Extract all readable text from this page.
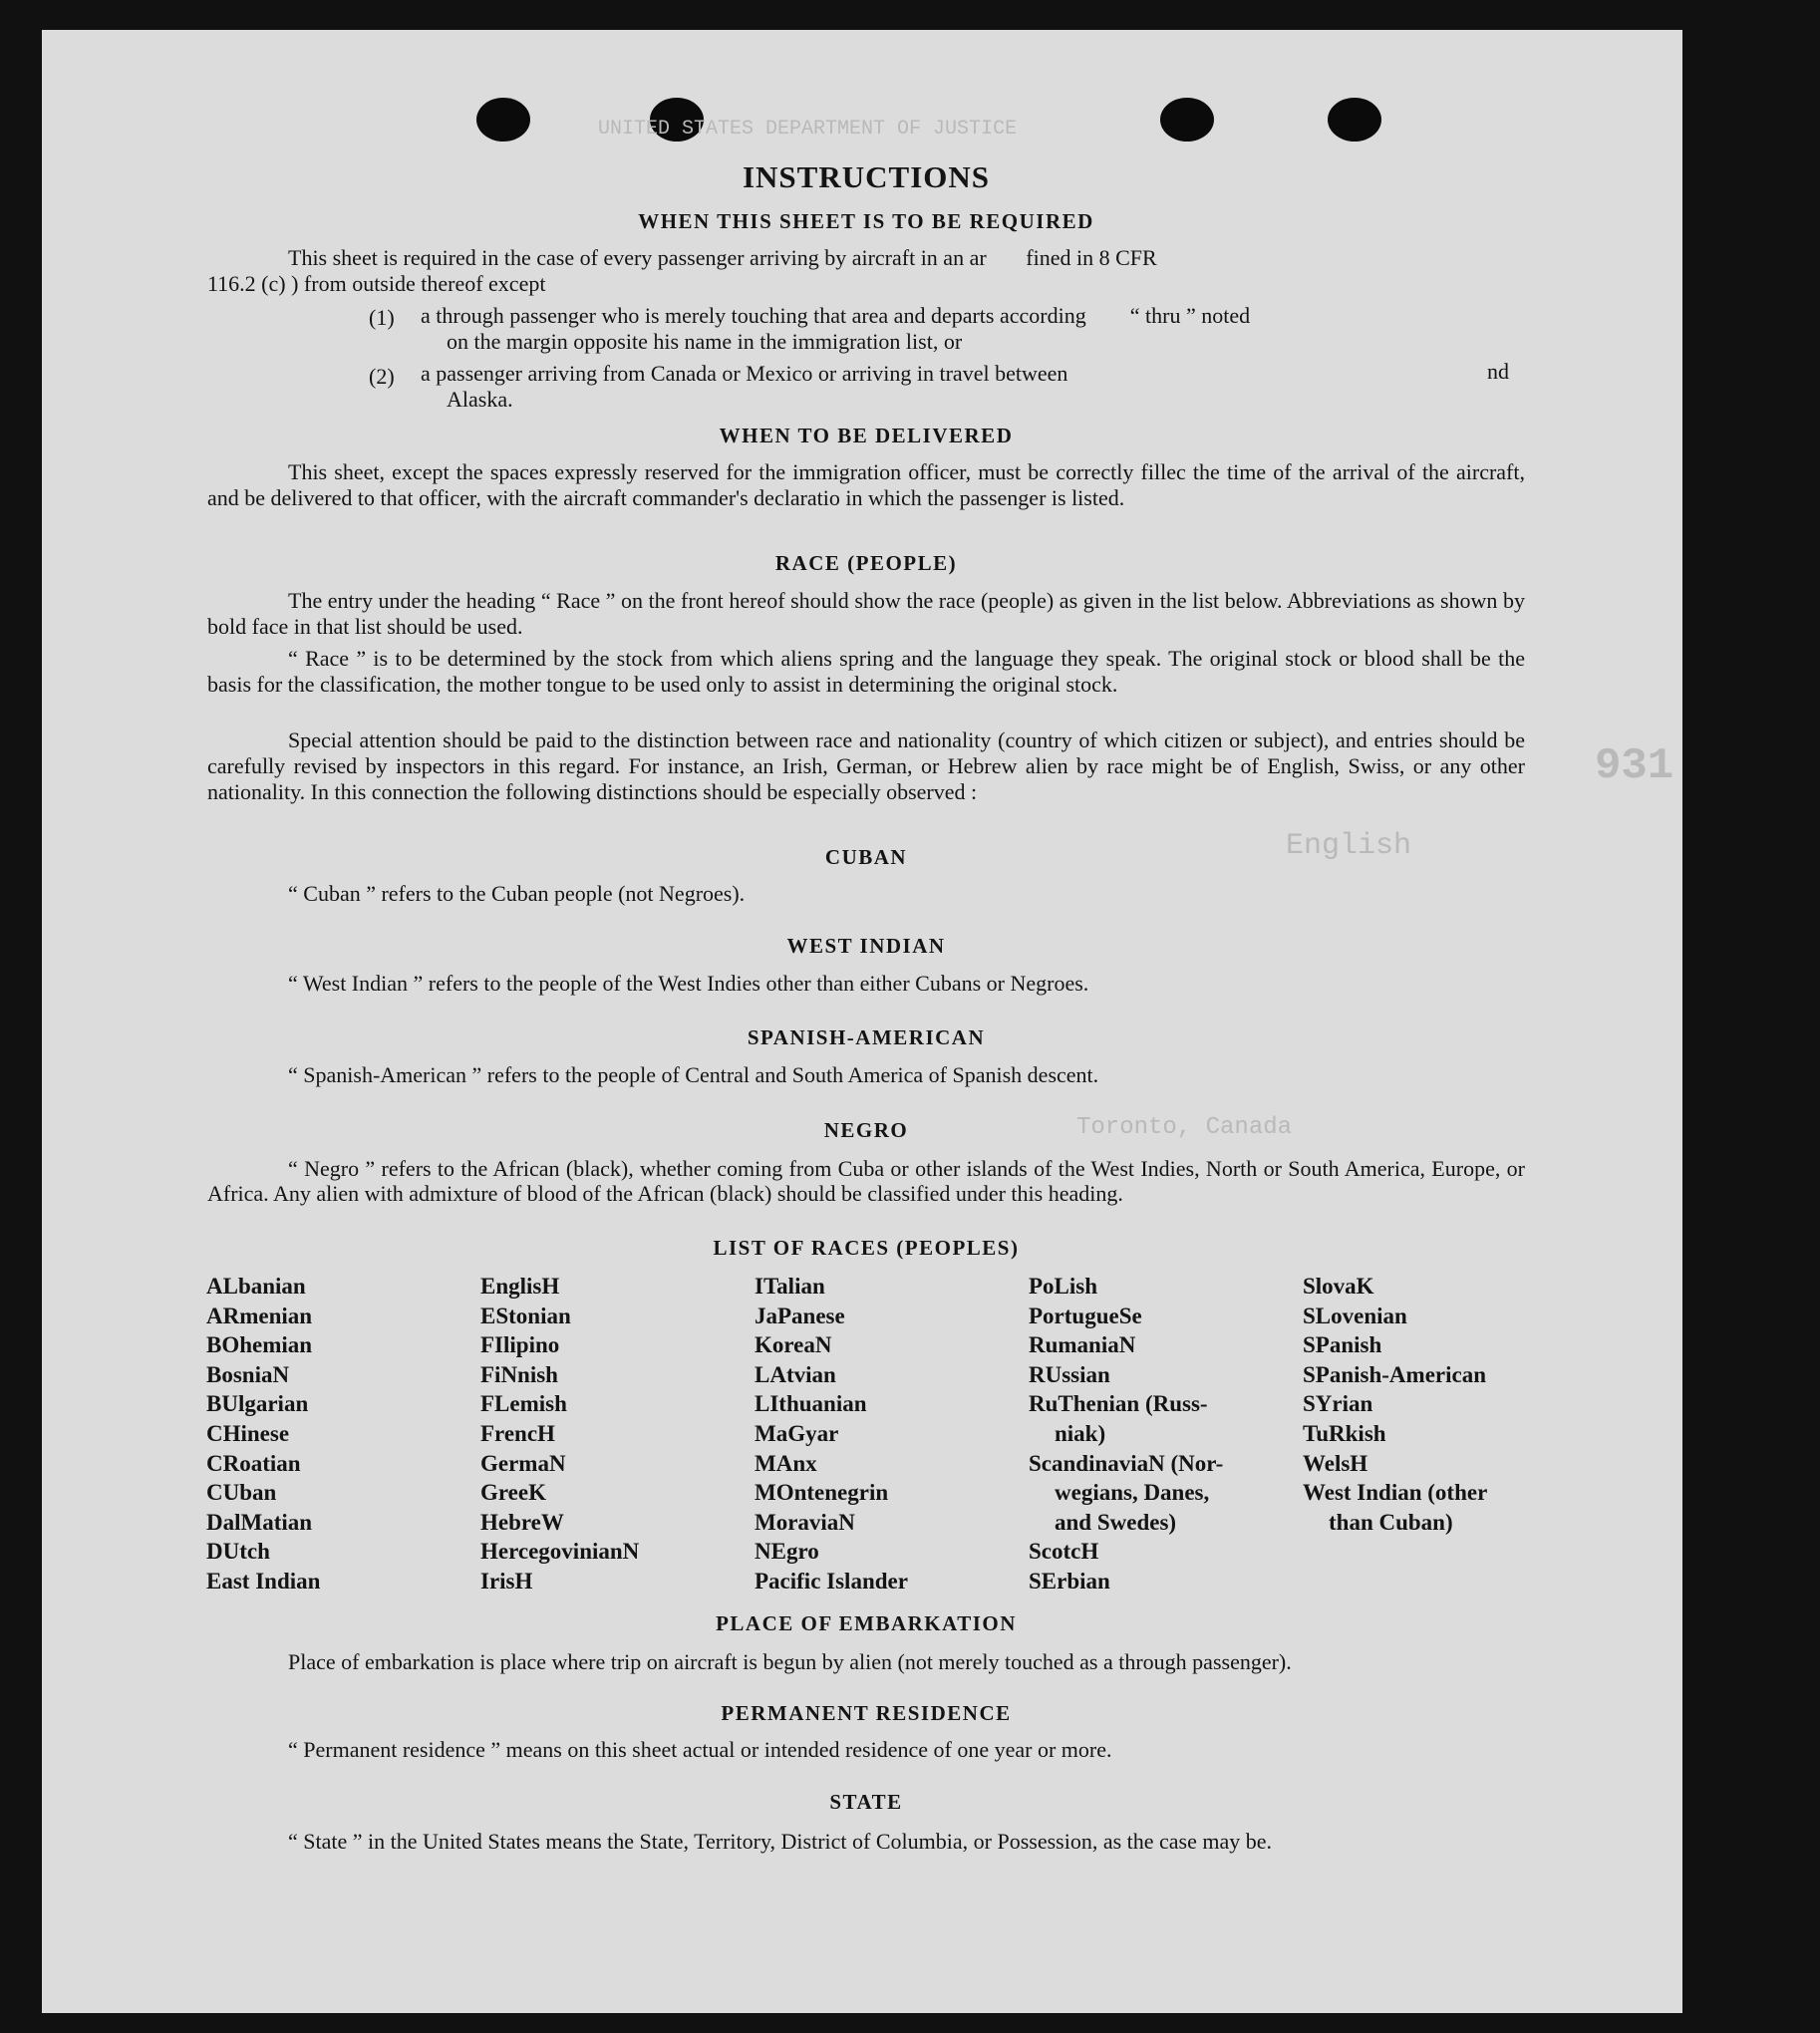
UNITED STATES DEPARTMENT OF JUSTICE
931
English
Toronto, Canada
INSTRUCTIONS
WHEN THIS SHEET IS TO BE REQUIRED
This sheet is required in the case of every passenger arriving by aircraft in an ar         fined in 8 CFR
116.2 (c) ) from outside thereof except
(1) a through passenger who is merely touching that area and departs according          “ thru ” noted
on the margin opposite his name in the immigration list, or
(2) a passenger arriving from Canada or Mexico or arriving in travel between	nd
Alaska.
WHEN TO BE DELIVERED
This sheet, except the spaces expressly reserved for the immigration officer, must be correctly fillec the time of the arrival of the aircraft, and be delivered to that officer, with the aircraft commander's declaratio in which the passenger is listed.
RACE (PEOPLE)
The entry under the heading “ Race ” on the front hereof should show the race (people) as given in the list below. Abbreviations as shown by bold face in that list should be used.
“ Race ” is to be determined by the stock from which aliens spring and the language they speak. The original stock or blood shall be the basis for the classification, the mother tongue to be used only to assist in determining the original stock.
Special attention should be paid to the distinction between race and nationality (country of which citizen or subject), and entries should be carefully revised by inspectors in this regard. For instance, an Irish, German, or Hebrew alien by race might be of English, Swiss, or any other nationality. In this connection the following distinctions should be especially observed :
CUBAN
“ Cuban ” refers to the Cuban people (not Negroes).
WEST INDIAN
“ West Indian ” refers to the people of the West Indies other than either Cubans or Negroes.
SPANISH-AMERICAN
“ Spanish-American ” refers to the people of Central and South America of Spanish descent.
NEGRO
“ Negro ” refers to the African (black), whether coming from Cuba or other islands of the West Indies, North or South America, Europe, or Africa. Any alien with admixture of blood of the African (black) should be classified under this heading.
LIST OF RACES (PEOPLES)
ALbanian
ARmenian
BOhemian
BosniaN
BUlgarian
CHinese
CRoatian
CUban
DalMatian
DUtch
East Indian
EnglisH
EStonian
FIlipino
FiNnish
FLemish
FrencH
GermaN
GreeK
HebreW
HercegovinianN
IrisH
ITalian
JaPanese
KoreaN
LAtvian
LIthuanian
MaGyar
MAnx
MOntenegrin
MoraviaN
NEgro
Pacific Islander
PoLish
PortugueSe
RumaniaN
RUssian
RuThenian (Russ-
niak)
ScandinaviaN (Nor-
wegians, Danes,
and Swedes)
ScotcH
SErbian
SlovaK
SLovenian
SPanish
SPanish-American
SYrian
TuRkish
WelsH
West Indian (other
than Cuban)
PLACE OF EMBARKATION
Place of embarkation is place where trip on aircraft is begun by alien (not merely touched as a through passenger).
PERMANENT RESIDENCE
“ Permanent residence ” means on this sheet actual or intended residence of one year or more.
STATE
“ State ” in the United States means the State, Territory, District of Columbia, or Possession, as the case may be.
